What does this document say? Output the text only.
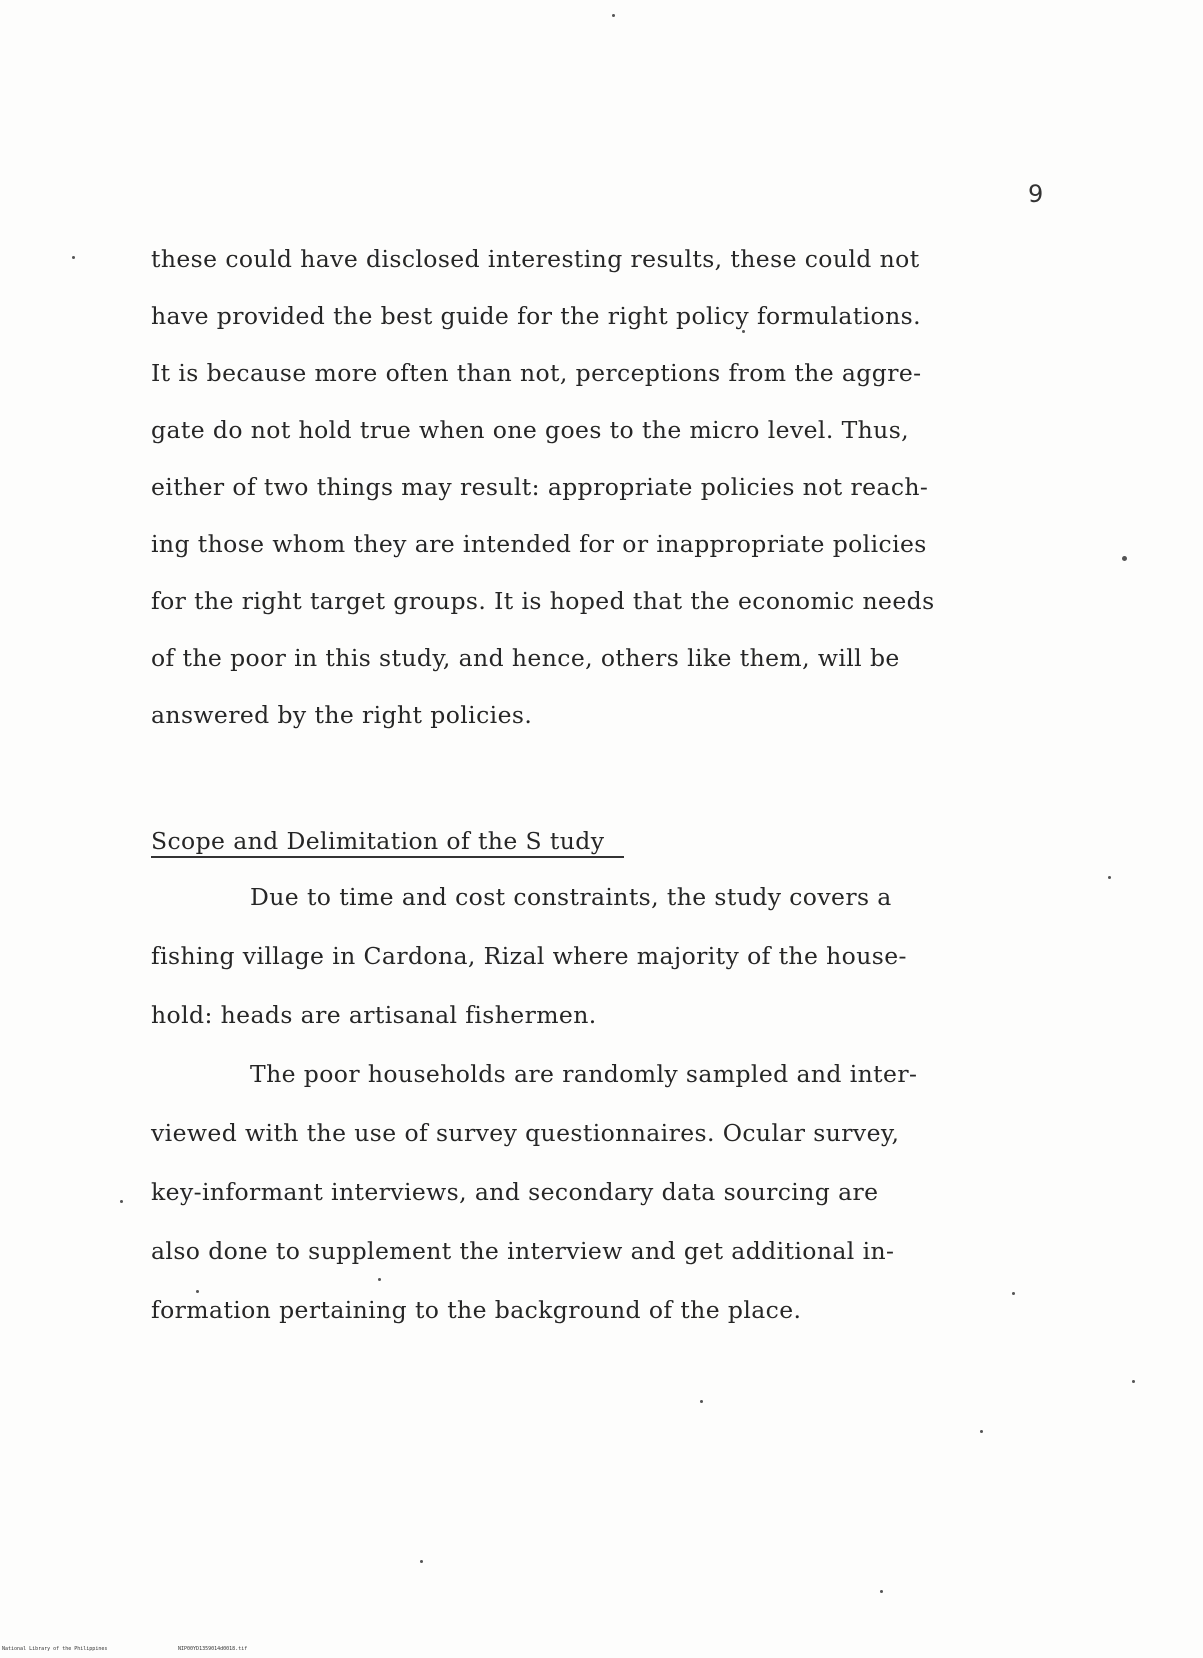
9
these could have disclosed interesting results, these could not
have provided the best guide for the right policy formulations.
It is because more often than not, perceptions from the aggre-
gate do not hold true when one goes to the micro level. Thus,
either of two things may result: appropriate policies not reach-
ing those whom they are intended for or inappropriate policies
for the right target groups. It is hoped that the economic needs
of the poor in this study, and hence, others like them, will be
answered by the right policies.
Scope and Delimitation of the S tudy
Due to time and cost constraints, the study covers a
fishing village in Cardona, Rizal where majority of the house-
hold: heads are artisanal fishermen.
The poor households are randomly sampled and inter-
viewed with the use of survey questionnaires. Ocular survey,
key-informant interviews, and secondary data sourcing are
also done to supplement the interview and get additional in-
formation pertaining to the background of the place.
National Library of the Philippines	NIP00YD1359014d0018.tif
